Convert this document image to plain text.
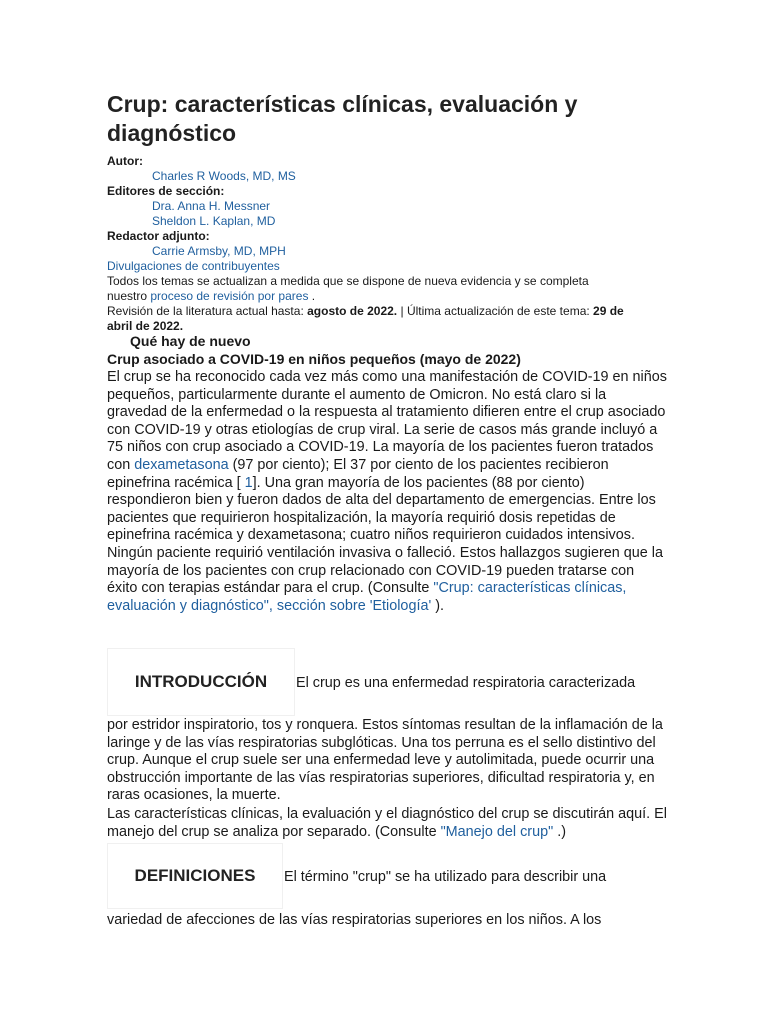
Crup: características clínicas, evaluación y diagnóstico
Autor:
Charles R Woods, MD, MS
Editores de sección:
Dra. Anna H. Messner
Sheldon L. Kaplan, MD
Redactor adjunto:
Carrie Armsby, MD, MPH
Divulgaciones de contribuyentes
Todos los temas se actualizan a medida que se dispone de nueva evidencia y se completa
nuestro proceso de revisión por pares .
Revisión de la literatura actual hasta: agosto de 2022. | Última actualización de este tema: 29 de
abril de 2022.
Qué hay de nuevo
Crup asociado a COVID-19 en niños pequeños (mayo de 2022)
El crup se ha reconocido cada vez más como una manifestación de COVID-19 en niños pequeños, particularmente durante el aumento de Omicron. No está claro si la gravedad de la enfermedad o la respuesta al tratamiento difieren entre el crup asociado con COVID-19 y otras etiologías de crup viral. La serie de casos más grande incluyó a 75 niños con crup asociado a COVID-19. La mayoría de los pacientes fueron tratados con dexametasona (97 por ciento); El 37 por ciento de los pacientes recibieron epinefrina racémica [ 1]. Una gran mayoría de los pacientes (88 por ciento) respondieron bien y fueron dados de alta del departamento de emergencias. Entre los pacientes que requirieron hospitalización, la mayoría requirió dosis repetidas de epinefrina racémica y dexametasona; cuatro niños requirieron cuidados intensivos. Ningún paciente requirió ventilación invasiva o falleció. Estos hallazgos sugieren que la mayoría de los pacientes con crup relacionado con COVID-19 pueden tratarse con éxito con terapias estándar para el crup. (Consulte "Crup: características clínicas, evaluación y diagnóstico", sección sobre 'Etiología' ).
INTRODUCCIÓN El crup es una enfermedad respiratoria caracterizada
por estridor inspiratorio, tos y ronquera. Estos síntomas resultan de la inflamación de la laringe y de las vías respiratorias subglóticas. Una tos perruna es el sello distintivo del crup. Aunque el crup suele ser una enfermedad leve y autolimitada, puede ocurrir una obstrucción importante de las vías respiratorias superiores, dificultad respiratoria y, en raras ocasiones, la muerte.
Las características clínicas, la evaluación y el diagnóstico del crup se discutirán aquí. El manejo del crup se analiza por separado. (Consulte "Manejo del crup" .)
DEFINICIONES El término "crup" se ha utilizado para describir una
variedad de afecciones de las vías respiratorias superiores en los niños. A los
